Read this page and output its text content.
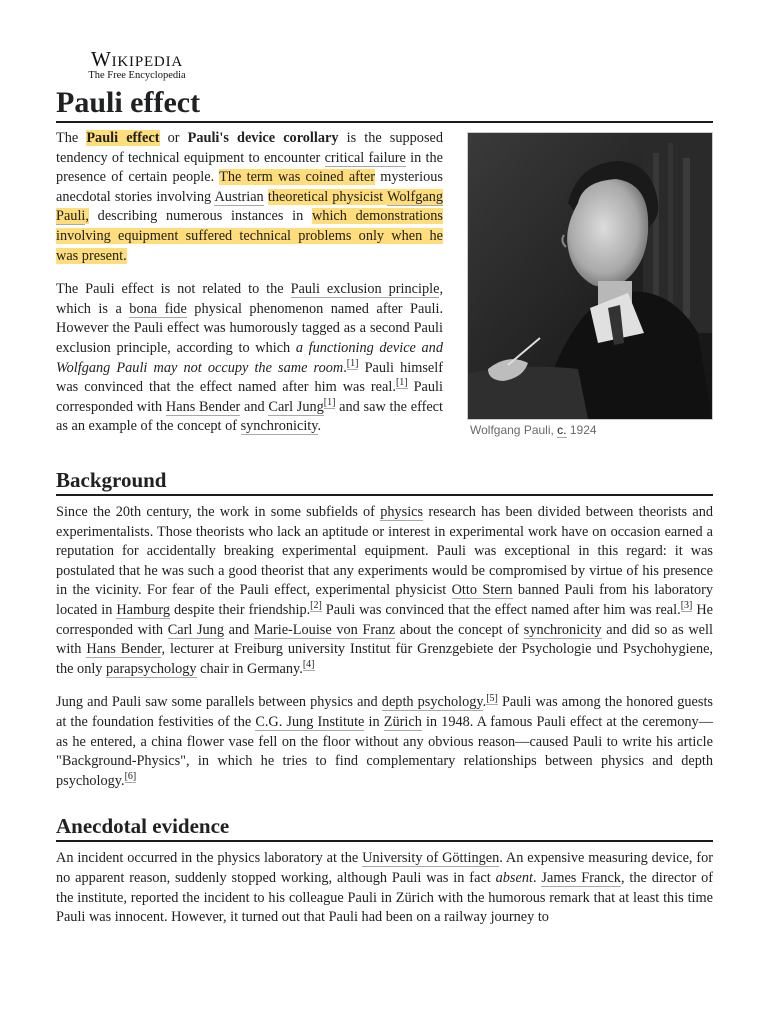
Wikipedia
The Free Encyclopedia
Pauli effect
Wolfgang Pauli, c. 1924

The Pauli effect or Pauli's device corollary is the supposed tendency of technical equipment to encounter critical failure in the presence of certain people. The term was coined after mysterious anecdotal stories involving Austrian theoretical physicist Wolfgang Pauli, describing numerous instances in which demonstrations involving equipment suffered technical problems only when he was present.

The Pauli effect is not related to the Pauli exclusion principle, which is a bona fide physical phenomenon named after Pauli. However the Pauli effect was humorously tagged as a second Pauli exclusion principle, according to which a functioning device and Wolfgang Pauli may not occupy the same room.[1] Pauli himself was convinced that the effect named after him was real.[1] Pauli corresponded with Hans Bender and Carl Jung[1] and saw the effect as an example of the concept of synchronicity.

Background

Since the 20th century, the work in some subfields of physics research has been divided between theorists and experimentalists. Those theorists who lack an aptitude or interest in experimental work have on occasion earned a reputation for accidentally breaking experimental equipment. Pauli was exceptional in this regard: it was postulated that he was such a good theorist that any experiments would be compromised by virtue of his presence in the vicinity. For fear of the Pauli effect, experimental physicist Otto Stern banned Pauli from his laboratory located in Hamburg despite their friendship.[2] Pauli was convinced that the effect named after him was real.[3] He corresponded with Carl Jung and Marie-Louise von Franz about the concept of synchronicity and did so as well with Hans Bender, lecturer at Freiburg university Institut für Grenzgebiete der Psychologie und Psychohygiene, the only parapsychology chair in Germany.[4]

Jung and Pauli saw some parallels between physics and depth psychology.[5] Pauli was among the honored guests at the foundation festivities of the C.G. Jung Institute in Zürich in 1948. A famous Pauli effect at the ceremony—as he entered, a china flower vase fell on the floor without any obvious reason—caused Pauli to write his article "Background-Physics", in which he tries to find complementary relationships between physics and depth psychology.[6]

Anecdotal evidence

An incident occurred in the physics laboratory at the University of Göttingen. An expensive measuring device, for no apparent reason, suddenly stopped working, although Pauli was in fact absent. James Franck, the director of the institute, reported the incident to his colleague Pauli in Zürich with the humorous remark that at least this time Pauli was innocent. However, it turned out that Pauli had been on a railway journey to
